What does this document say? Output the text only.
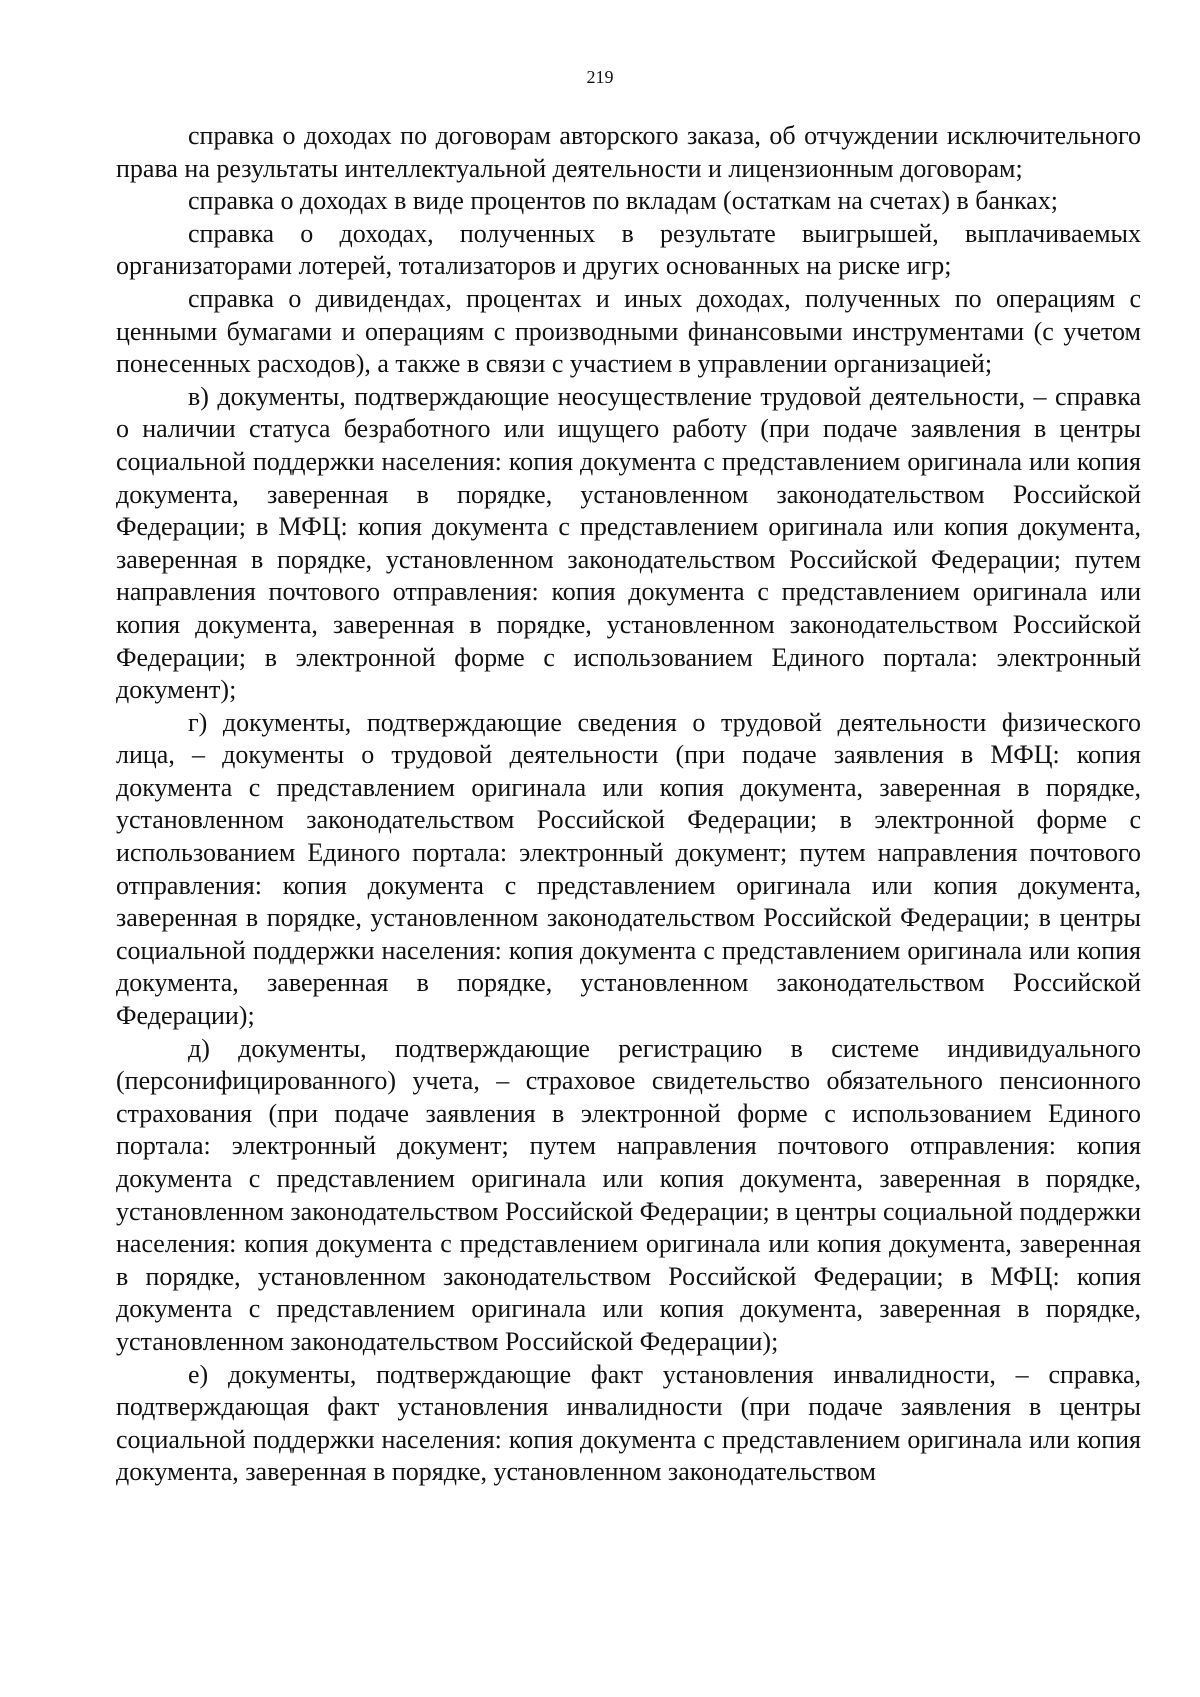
219

справка о доходах по договорам авторского заказа, об отчуждении исключительного права на результаты интеллектуальной деятельности и лицензионным договорам;

справка о доходах в виде процентов по вкладам (остаткам на счетах) в банках;

справка о доходах, полученных в результате выигрышей, выплачиваемых организаторами лотерей, тотализаторов и других основанных на риске игр;

справка о дивидендах, процентах и иных доходах, полученных по операциям с ценными бумагами и операциям с производными финансовыми инструментами (с учетом понесенных расходов), а также в связи с участием в управлении организацией;

в) документы, подтверждающие неосуществление трудовой деятельности, – справка о наличии статуса безработного или ищущего работу (при подаче заявления в центры социальной поддержки населения: копия документа с представлением оригинала или копия документа, заверенная в порядке, установленном законодательством Российской Федерации; в МФЦ: копия документа с представлением оригинала или копия документа, заверенная в порядке, установленном законодательством Российской Федерации; путем направления почтового отправления: копия документа с представлением оригинала или копия документа, заверенная в порядке, установленном законодательством Российской Федерации; в электронной форме с использованием Единого портала: электронный документ);

г) документы, подтверждающие сведения о трудовой деятельности физического лица, – документы о трудовой деятельности (при подаче заявления в МФЦ: копия документа с представлением оригинала или копия документа, заверенная в порядке, установленном законодательством Российской Федерации; в электронной форме с использованием Единого портала: электронный документ; путем направления почтового отправления: копия документа с представлением оригинала или копия документа, заверенная в порядке, установленном законодательством Российской Федерации; в центры социальной поддержки населения: копия документа с представлением оригинала или копия документа, заверенная в порядке, установленном законодательством Российской Федерации);

д) документы, подтверждающие регистрацию в системе индивидуального (персонифицированного) учета, – страховое свидетельство обязательного пенсионного страхования (при подаче заявления в электронной форме с использованием Единого портала: электронный документ; путем направления почтового отправления: копия документа с представлением оригинала или копия документа, заверенная в порядке, установленном законодательством Российской Федерации; в центры социальной поддержки населения: копия документа с представлением оригинала или копия документа, заверенная в порядке, установленном законодательством Российской Федерации; в МФЦ: копия документа с представлением оригинала или копия документа, заверенная в порядке, установленном законодательством Российской Федерации);

е) документы, подтверждающие факт установления инвалидности, – справка, подтверждающая факт установления инвалидности (при подаче заявления в центры социальной поддержки населения: копия документа с представлением оригинала или копия документа, заверенная в порядке, установленном законодательством
